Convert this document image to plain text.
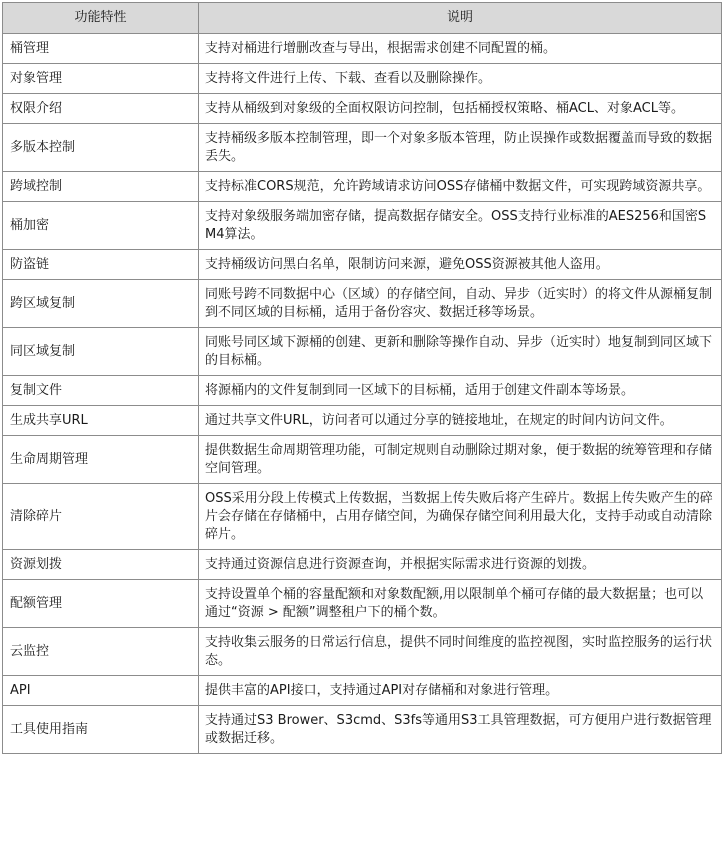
功能特性	说明
桶管理	支持对桶进行增删改查与导出，根据需求创建不同配置的桶。
对象管理	支持将文件进行上传、下载、查看以及删除操作。
权限介绍	支持从桶级到对象级的全面权限访问控制，包括桶授权策略、桶ACL、对象ACL等。
多版本控制	支持桶级多版本控制管理，即一个对象多版本管理，防止误操作或数据覆盖而导致的数据丢失。
跨域控制	支持标准CORS规范，允许跨域请求访问OSS存储桶中数据文件，可实现跨域资源共享。
桶加密	支持对象级服务端加密存储，提高数据存储安全。OSS支持行业标准的AES256和国密SM4算法。
防盗链	支持桶级访问黑白名单，限制访问来源，避免OSS资源被其他人盗用。
跨区域复制	同账号跨不同数据中心（区域）的存储空间，自动、异步（近实时）的将文件从源桶复制到不同区域的目标桶，适用于备份容灾、数据迁移等场景。
同区域复制	同账号同区域下源桶的创建、更新和删除等操作自动、异步（近实时）地复制到同区域下的目标桶。
复制文件	将源桶内的文件复制到同一区域下的目标桶，适用于创建文件副本等场景。
生成共享URL	通过共享文件URL，访问者可以通过分享的链接地址，在规定的时间内访问文件。
生命周期管理	提供数据生命周期管理功能，可制定规则自动删除过期对象，便于数据的统筹管理和存储空间管理。
清除碎片	OSS采用分段上传模式上传数据，当数据上传失败后将产生碎片。数据上传失败产生的碎片会存储在存储桶中，占用存储空间，为确保存储空间利用最大化，支持手动或自动清除碎片。
资源划拨	支持通过资源信息进行资源查询，并根据实际需求进行资源的划拨。
配额管理	支持设置单个桶的容量配额和对象数配额,用以限制单个桶可存储的最大数据量；也可以通过“资源 > 配额”调整租户下的桶个数。
云监控	支持收集云服务的日常运行信息，提供不同时间维度的监控视图，实时监控服务的运行状态。
API	提供丰富的API接口，支持通过API对存储桶和对象进行管理。
工具使用指南	支持通过S3 Brower、S3cmd、S3fs等通用S3工具管理数据，可方便用户进行数据管理或数据迁移。
